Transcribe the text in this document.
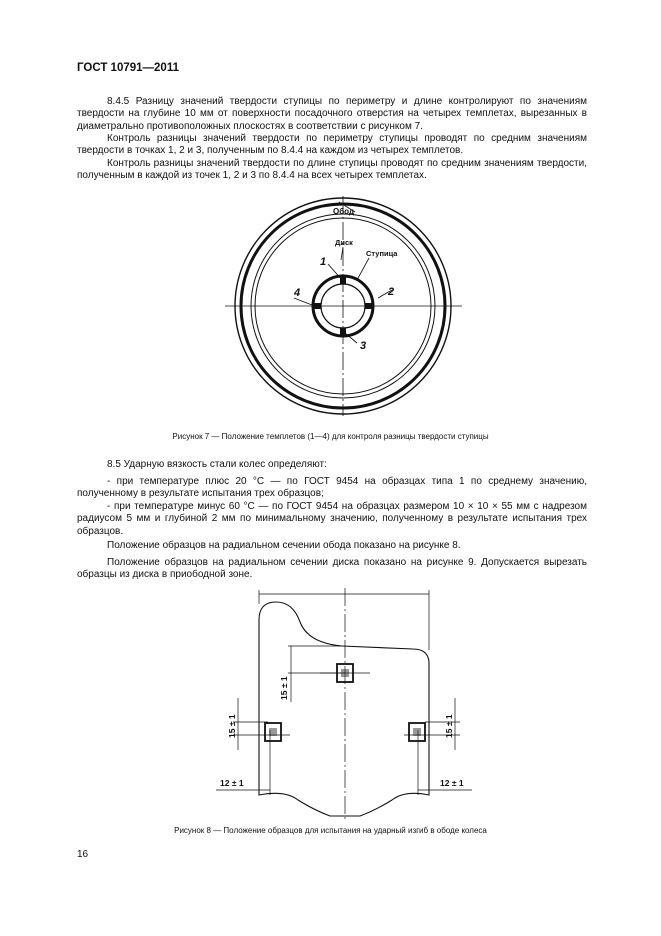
ГОСТ 10791—2011

8.4.5 Разницу значений твердости ступицы по периметру и длине контролируют по значениям твердости на глубине 10 мм от поверхности посадочного отверстия на четырех темплетах, вырезанных в диаметрально противоположных плоскостях в соответствии с рисунком 7.

Контроль разницы значений твердости по периметру ступицы проводят по средним значениям твердости в точках 1, 2 и 3, полученным по 8.4.4 на каждом из четырех темплетов.

Контроль разницы значений твердости по длине ступицы проводят по средним значениям твердости, полученным в каждой из точек 1, 2 и 3 по 8.4.4 на всех четырех темплетах.

Обод
Диск
Ступица
1
2
3
4
Рисунок 7 — Положение темплетов (1—4) для контроля разницы твердости ступицы

8.5 Ударную вязкость стали колес определяют:

- при температуре плюс 20 °С — по ГОСТ 9454 на образцах типа 1 по среднему значению, полученному в результате испытания трех образцов;

- при температуре минус 60 °С — по ГОСТ 9454 на образцах размером 10 × 10 × 55 мм с надрезом радиусом 5 мм и глубиной 2 мм по минимальному значению, полученному в результате испытания трех образцов.

Положение образцов на радиальном сечении обода показано на рисунке 8.

Положение образцов на радиальном сечении диска показано на рисунке 9. Допускается вырезать образцы из диска в приободной зоне.

15 ± 1
15 ± 1	15 ± 1
12 ± 1	12 ± 1
Рисунок 8 — Положение образцов для испытания на ударный изгиб в ободе колеса
16
